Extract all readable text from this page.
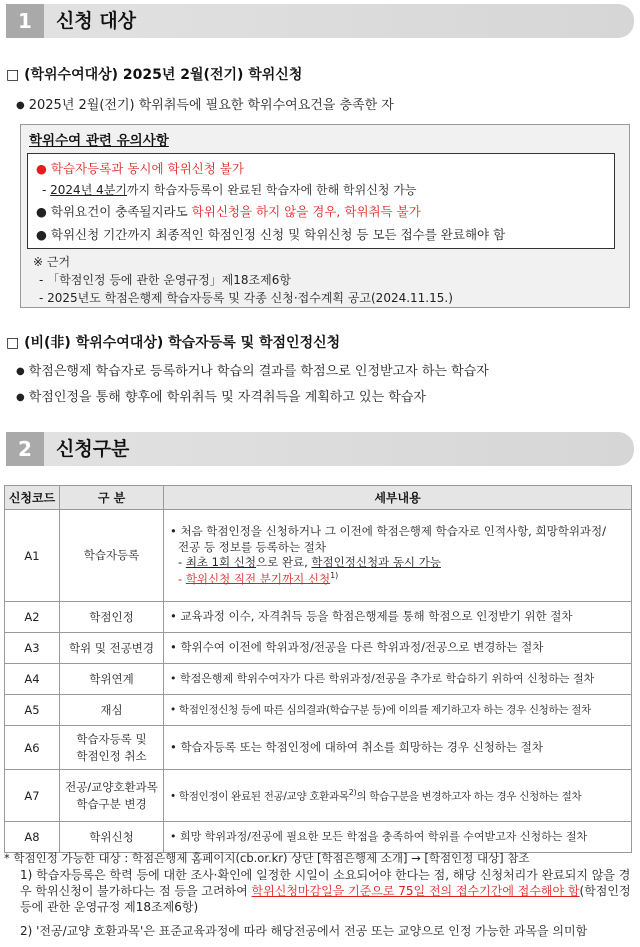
1	신청 대상
□ (학위수여대상) 2025년 2월(전기) 학위신청
● 2025년 2월(전기) 학위취득에 필요한 학위수여요건을 충족한 자
학위수여 관련 유의사항
● 학습자등록과 동시에 학위신청 불가
- 2024년 4분기까지 학습자등록이 완료된 학습자에 한해 학위신청 가능
● 학위요건이 충족될지라도 학위신청을 하지 않을 경우, 학위취득 불가
● 학위신청 기간까지 최종적인 학점인정 신청 및 학위신청 등 모든 접수를 완료해야 함
※ 근거
- 「학점인정 등에 관한 운영규정」제18조제6항
- 2025년도 학점은행제 학습자등록 및 각종 신청·접수계획 공고(2024.11.15.)
□ (비(非) 학위수여대상) 학습자등록 및 학점인정신청
● 학점은행제 학습자로 등록하거나 학습의 결과를 학점으로 인정받고자 하는 학습자
● 학점인정을 통해 향후에 학위취득 및 자격취득을 계획하고 있는 학습자
2	신청구분
신청코드	구 분	세부내용
A1	학습자등록	• 처음 학점인정을 신청하거나 그 이전에 학점은행제 학습자로 인적사항, 희망학위과정/
전공 등 정보를 등록하는 절차
- 최초 1회 신청으로 완료, 학점인정신청과 동시 가능
- 학위신청 직전 분기까지 신청$^{1)}$

A2	학점인정	• 교육과정 이수, 자격취득 등을 학점은행제를 통해 학점으로 인정받기 위한 절차
A3	학위 및 전공변경	• 학위수여 이전에 학위과정/전공을 다른 학위과정/전공으로 변경하는 절차
A4	학위연계	• 학점은행제 학위수여자가 다른 학위과정/전공을 추가로 학습하기 위하여 신청하는 절차
A5	재심	• 학점인정신청 등에 따른 심의결과(학습구분 등)에 이의를 제기하고자 하는 경우 신청하는 절차
A6	학습자등록 및
학점인정 취소	• 학습자등록 또는 학점인정에 대하여 취소를 희망하는 경우 신청하는 절차
A7	전공/교양호환과목
학습구분 변경	• 학점인정이 완료된 전공/교양 호환과목$^{2)}$의 학습구분을 변경하고자 하는 경우 신청하는 절차
A8	학위신청	• 희망 학위과정/전공에 필요한 모든 학점을 충족하여 학위를 수여받고자 신청하는 절차
* 학점인정 가능한 대상 : 학점은행제 홈페이지(cb.or.kr) 상단 [학점은행제 소개] → [학점인정 대상] 참조
1) 학습자등록은 학력 등에 대한 조사·확인에 일정한 시일이 소요되어야 한다는 점, 해당 신청처리가 완료되지 않을 경우 학위신청이 불가하다는 점 등을 고려하여 학위신청마감일을 기준으로 75일 전의 접수기간에 접수해야 함(학점인정 등에 관한 운영규정 제18조제6항)
2) '전공/교양 호환과목'은 표준교육과정에 따라 해당전공에서 전공 또는 교양으로 인정 가능한 과목을 의미함
